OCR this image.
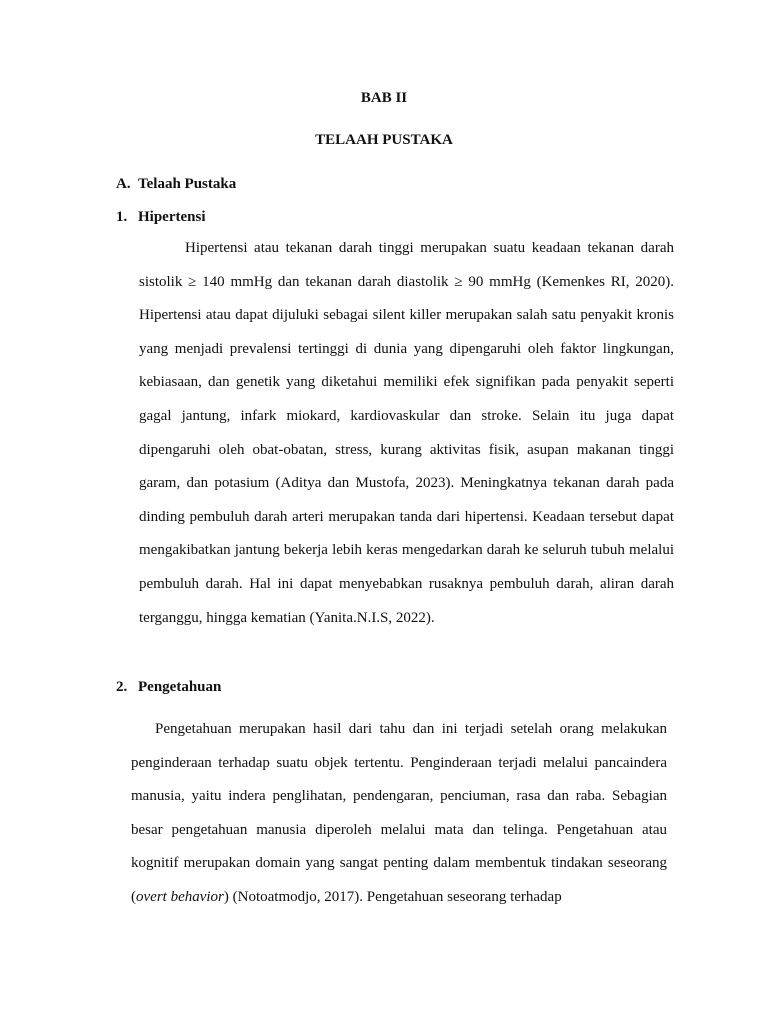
BAB II
TELAAH PUSTAKA
A. Telaah Pustaka
1. Hipertensi

Hipertensi atau tekanan darah tinggi merupakan suatu keadaan tekanan darah sistolik ≥ 140 mmHg dan tekanan darah diastolik ≥ 90 mmHg (Kemenkes RI, 2020). Hipertensi atau dapat dijuluki sebagai silent killer merupakan salah satu penyakit kronis yang menjadi prevalensi tertinggi di dunia yang dipengaruhi oleh faktor lingkungan, kebiasaan, dan genetik yang diketahui memiliki efek signifikan pada penyakit seperti gagal jantung, infark miokard, kardiovaskular dan stroke. Selain itu juga dapat dipengaruhi oleh obat-obatan, stress, kurang aktivitas fisik, asupan makanan tinggi garam, dan potasium (Aditya dan Mustofa, 2023). Meningkatnya tekanan darah pada dinding pembuluh darah arteri merupakan tanda dari hipertensi. Keadaan tersebut dapat mengakibatkan jantung bekerja lebih keras mengedarkan darah ke seluruh tubuh melalui pembuluh darah. Hal ini dapat menyebabkan rusaknya pembuluh darah, aliran darah terganggu, hingga kematian (Yanita.N.I.S, 2022).

2. Pengetahuan

Pengetahuan merupakan hasil dari tahu dan ini terjadi setelah orang melakukan penginderaan terhadap suatu objek tertentu. Penginderaan terjadi melalui pancaindera manusia, yaitu indera penglihatan, pendengaran, penciuman, rasa dan raba. Sebagian besar pengetahuan manusia diperoleh melalui mata dan telinga. Pengetahuan atau kognitif merupakan domain yang sangat penting dalam membentuk tindakan seseorang (overt behavior) (Notoatmodjo, 2017). Pengetahuan seseorang terhadap
